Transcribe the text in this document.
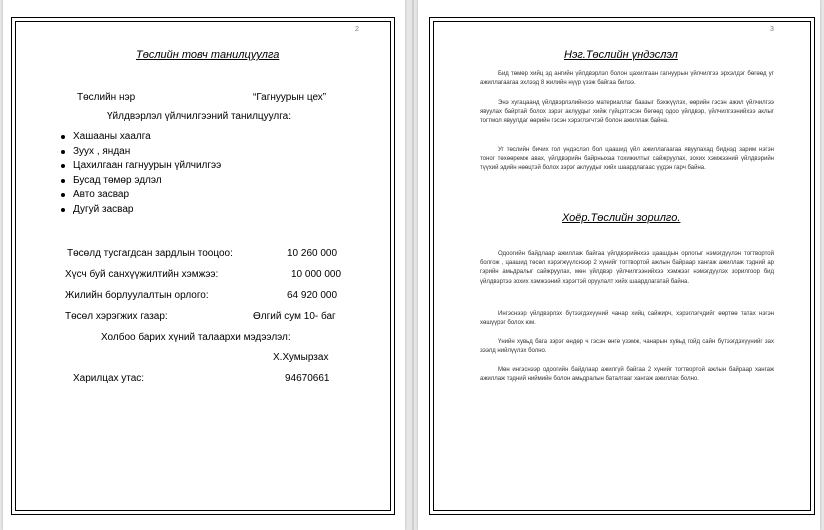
2
Төслийн товч танилцуулга
Төслийн нэр	“Гагнуурын цех”
Үйлдвэрлэл үйлчилгээний танилцуулга:
Хашааны хаалга
Зуух , яндан
Цахилгаан гагнуурын үйлчилгээ
Бусад төмөр эдлэл
Авто засвар
Дугуй засвар
Төсөлд тусгагдсан зардлын тооцоо:	10 260 000
Хүсч буй санхүүжилтийн хэмжээ:	10 000 000
Жилийн борлуулалтын орлого:	64 920 000
Төсөл хэрэгжих газар:	Өлгий сум 10- баг
Холбоо барих хүний талаархи мэдээлэл:
Х.Хумырзах
Харилцах утас:	94670661
3
Нэг.Төслийн үндэслэл
Бид төмөр хийц эд ангийн үйлдвэрлэл болон цахилгаан гагнуурын үйлчилгээ эрхэлдэг бөгөөд уг ажиллагаагаа эхлээд 8 жилийн нүүр үзэж байгаа билээ.
Энэ хугацаанд үйлдвэрлэлийнхээ материаллаг баазыг бэхжүүлэх, өөрийн гэсэн ажил үйлчилгээ явуулах байртай болох зэрэг аклуудыг хийж гүйцэтгэсэн бөгөөд одоо үйлдвэр, үйлчилгээнийхээ аклыг тогтмол явуулдаг өөрийн гэсэн хэрэглэгчтэй болон ажиллаж байна.
Уг төслийн бичих гол үндэслэл бол цаашид үйл ажиллагаагаа явуулахад биднэд зарим нэгэн тоног төхөөремж авах, үйлдвэрийн байрныхаа тохижилтыг сайжруулах, зохих хэмжээний үйлдвэрийн түүхий эдийн нөөцтэй болох зэрэг аклуудыг хийх шаардлагаас үүдэн гарч байна.
Хоёр.Төслийн зорилго.
Одоогийн байдлаар ажиллаж байгаа үйлдвэрийнхээ цаашдын орлогыг нэмэгдүүлэн тогтвортой болгож , цаашид төсөл хэрэгжүүлснээр 2 хүнийг тогтвортой ажлын байраар хангаж ажиллаж тэдний ар гэрийн амьдралыг сайжруулах, мөн үйлдвэр үйлчилгээнийхээ хэмжээг нэмэгдүүлэх зорилгоор бид үйлдвэртээ зохих хэмжээний хэрэгтэй оруулалт хийх шаардлагатай байна.
Ингэснээр үйлдвэрлэх бүтээгдэхүүний чанар хийц сайжирч, хэрэглэгчдийг өөртөө татах нэгэн хөшүүрэг болох юм.
Үнийн хувьд бага зэрэг өндөр ч гэсэн өнгө үзэмж, чанарын хувьд гойд сайн бүтээгдэхүүнийг зах зээлд нийлүүлэх болно.
Мөн ингэснээр одоогийн байдлаар ажилгүй байгаа 2 хүнийг тогтвортой ажлын байраар хангаж ажиллаж тэдний ниймийн болон амьдралын баталгааг хангаж ажиллах болно.
